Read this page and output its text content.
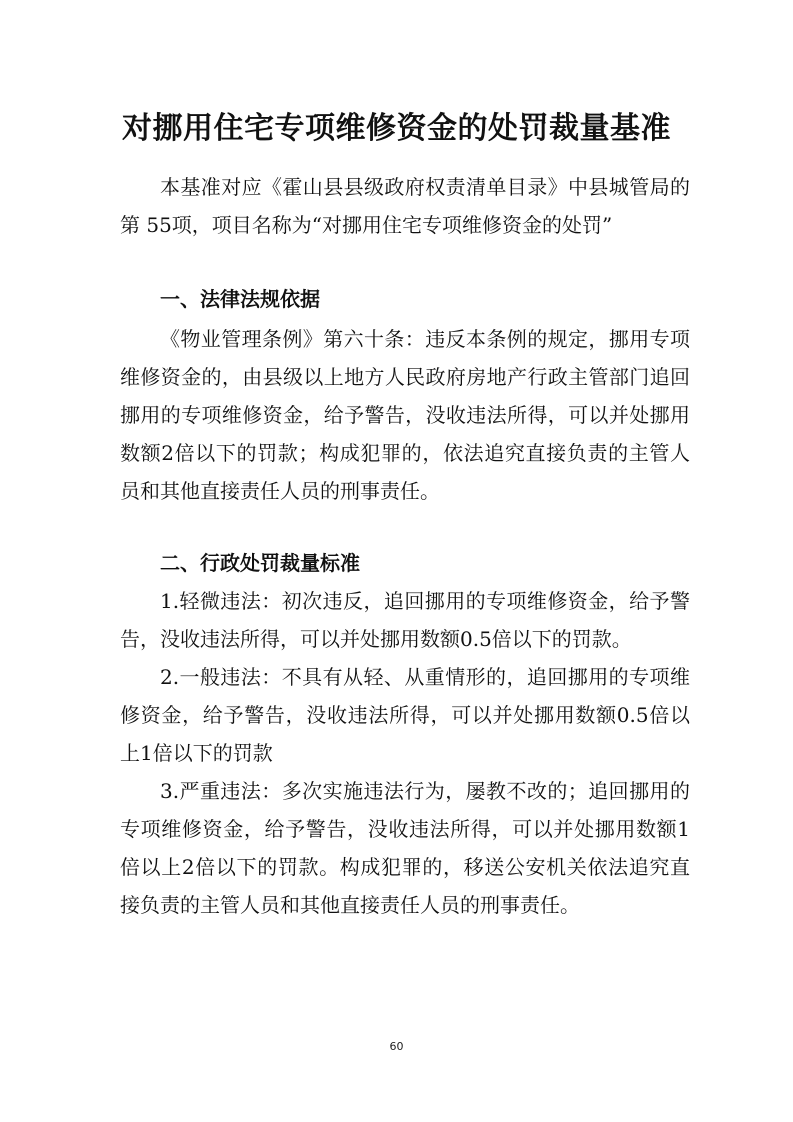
对挪用住宅专项维修资金的处罚裁量基准

本基准对应《霍山县县级政府权责清单目录》中县城管局的第 55项，项目名称为“对挪用住宅专项维修资金的处罚”

一、法律法规依据

《物业管理条例》第六十条：违反本条例的规定，挪用专项维修资金的，由县级以上地方人民政府房地产行政主管部门追回挪用的专项维修资金，给予警告，没收违法所得，可以并处挪用数额2倍以下的罚款；构成犯罪的，依法追究直接负责的主管人员和其他直接责任人员的刑事责任。

二、行政处罚裁量标准

1.轻微违法：初次违反，追回挪用的专项维修资金，给予警告，没收违法所得，可以并处挪用数额0.5倍以下的罚款。

2.一般违法：不具有从轻、从重情形的，追回挪用的专项维修资金，给予警告，没收违法所得，可以并处挪用数额0.5倍以上1倍以下的罚款

3.严重违法：多次实施违法行为，屡教不改的；追回挪用的专项维修资金，给予警告，没收违法所得，可以并处挪用数额1倍以上2倍以下的罚款。构成犯罪的，移送公安机关依法追究直接负责的主管人员和其他直接责任人员的刑事责任。

60
